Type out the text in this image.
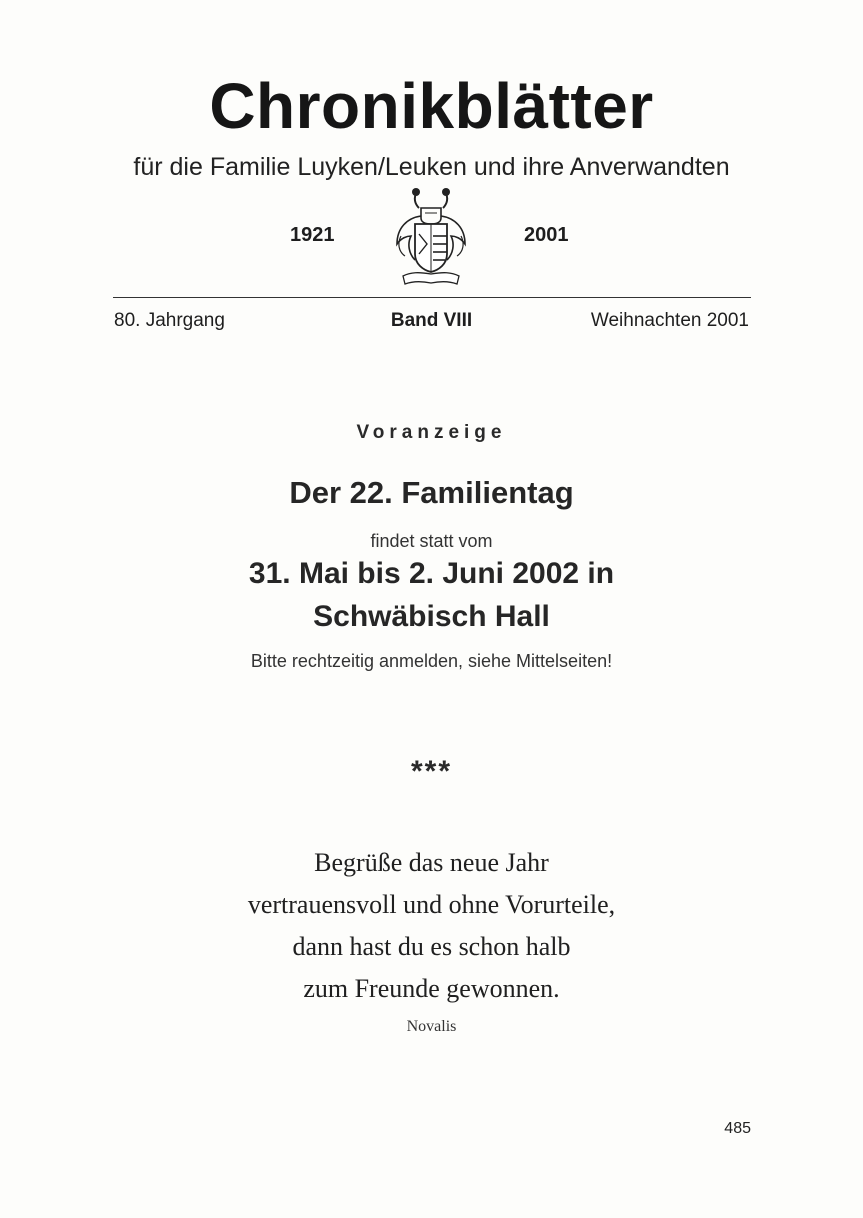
Chronikblätter
für die Familie Luyken/Leuken und ihre Anverwandten
1921	2001
80. Jahrgang	Band VIII	Weihnachten 2001
Voranzeige
Der 22. Familientag
findet statt vom
31. Mai bis 2. Juni 2002 in
Schwäbisch Hall
Bitte rechtzeitig anmelden, siehe Mittelseiten!
***
Begrüße das neue Jahr
vertrauensvoll und ohne Vorurteile,
dann hast du es schon halb
zum Freunde gewonnen.
Novalis
485
